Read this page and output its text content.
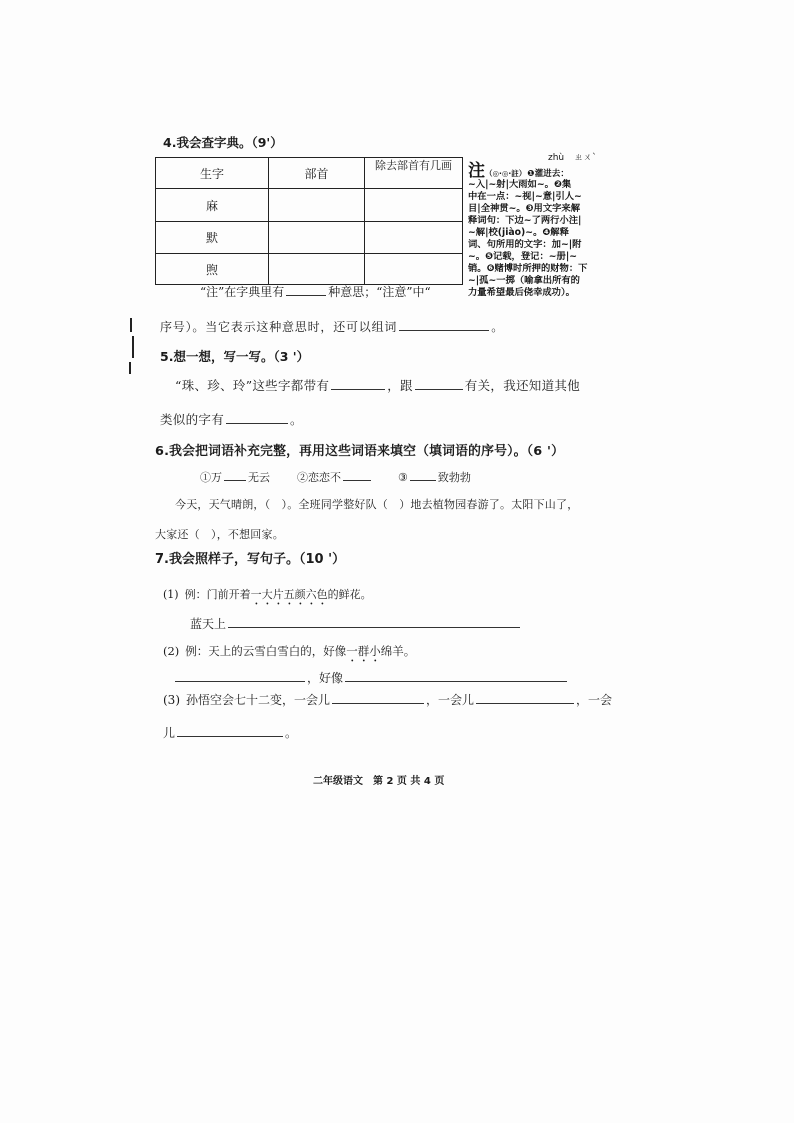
4.我会查字典。（9'）
生字	部首	除去部首有几画
麻		
默		
煦		
zhù ㄓㄨˋ
注（◎·◎·註）❶灌进去：
~入|~射|大雨如~。❷集
中在一点：~视|~意|引人~
目|全神贯~。❸用文字来解
释词句：下边~了两行小注|
~解|校(jiào)~。❹解释
词、句所用的文字：加~|附
~。❺记载，登记：~册|~
销。❻赌博时所押的财物：下
~|孤~一掷（喻拿出所有的
力量希望最后侥幸成功）。
“注”在字典里有	种意思；“注意”中“
序号）。当它表示这种意思时，还可以组词	。
5.想一想，写一写。（3 '）
“珠、珍、玲”这些字都带有	，跟	有关，我还知道其他
类似的字有	。
6.我会把词语补充完整，再用这些词语来填空（填词语的序号）。（6 '）
①万 无云 ②恋恋不	③	致勃勃
今天，天气晴朗，（　）。全班同学整好队（　）地去植物园春游了。太阳下山了，
大家还（　），不想回家。
7.我会照样子，写句子。（10 '）
(1) 例：门前开着一大片五颜六色的鲜花。
蓝天上
(2) 例：天上的云雪白雪白的，好像一群小绵羊。
，好像
(3) 孙悟空会七十二变，一会儿	，一会儿	，一会
儿	。
二年级语文 第 2 页 共 4 页
